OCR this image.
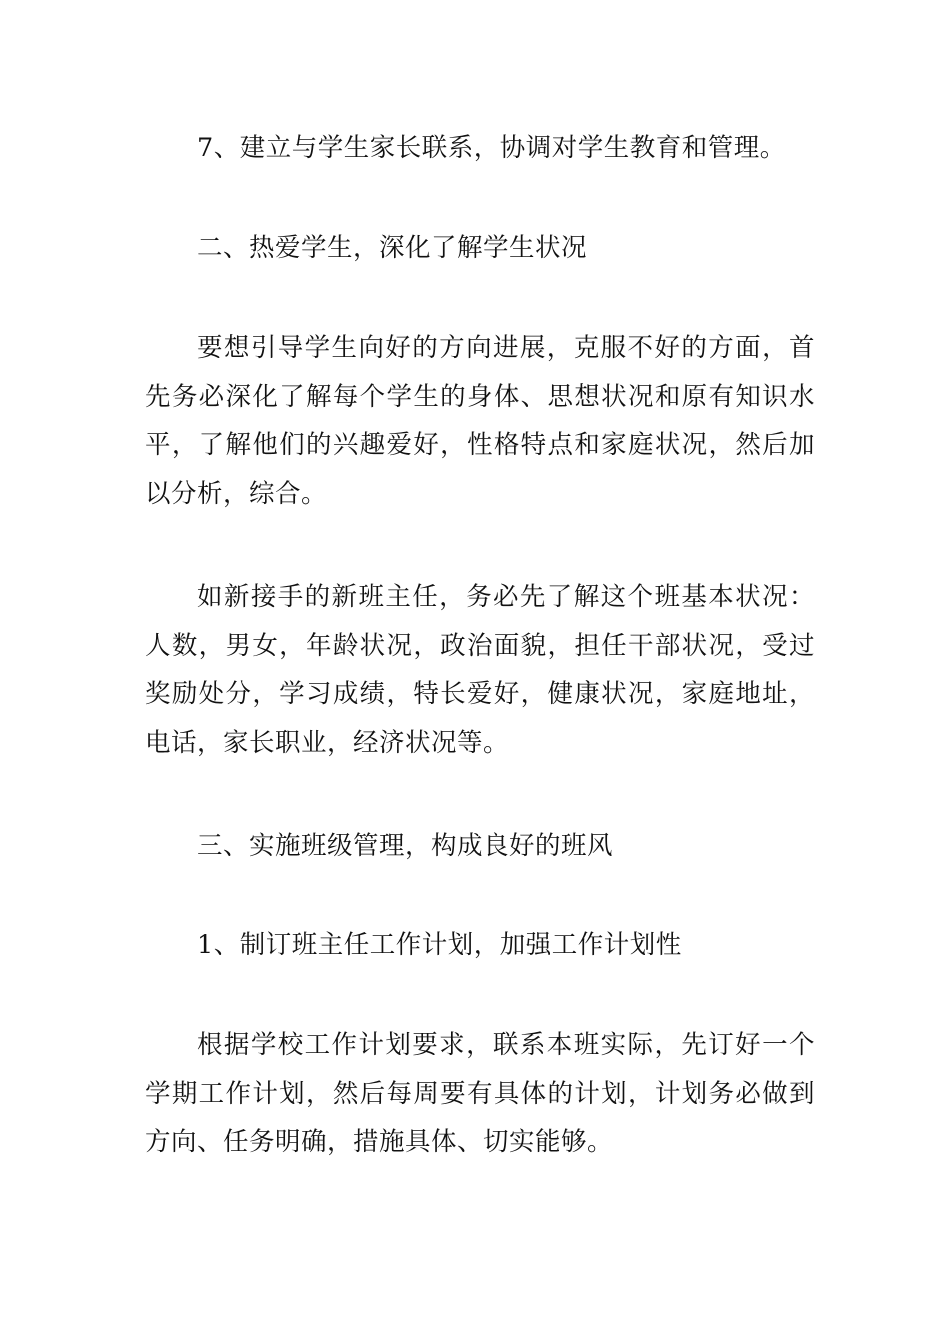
7、建立与学生家长联系，协调对学生教育和管理。

二、热爱学生，深化了解学生状况

要想引导学生向好的方向进展，克服不好的方面，首先务必深化了解每个学生的身体、思想状况和原有知识水平，了解他们的兴趣爱好，性格特点和家庭状况，然后加以分析，综合。

如新接手的新班主任，务必先了解这个班基本状况：人数，男女，年龄状况，政治面貌，担任干部状况，受过奖励处分，学习成绩，特长爱好，健康状况，家庭地址，电话，家长职业，经济状况等。

三、实施班级管理，构成良好的班风

1、制订班主任工作计划，加强工作计划性

根据学校工作计划要求，联系本班实际，先订好一个学期工作计划，然后每周要有具体的计划，计划务必做到方向、任务明确，措施具体、切实能够。
